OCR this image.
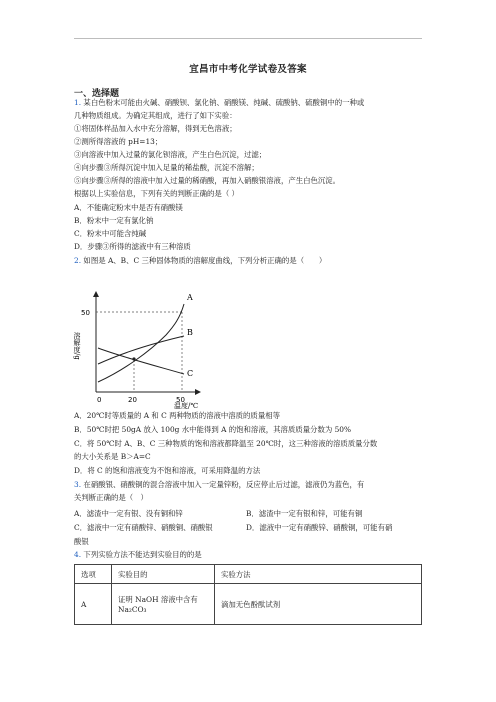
宜昌市中考化学试卷及答案
一、选择题
1. 某白色粉末可能由火碱、硝酸钡、氯化钠、硝酸镁、纯碱、硫酸钠、硫酸铜中的一种或
几种物质组成。为确定其组成，进行了如下实验：
①将固体样品加入水中充分溶解，得到无色溶液；
②测所得溶液的 pH=13；
③向溶液中加入过量的氯化钡溶液，产生白色沉淀，过滤；
④向步骤③所得沉淀中加入足量的稀盐酸，沉淀不溶解；
⑤向步骤③所得的溶液中加入过量的稀硝酸，再加入硝酸银溶液，产生白色沉淀。
根据以上实验信息，下列有关的判断正确的是（ ）
A．不能确定粉末中是否有硝酸镁
B．粉末中一定有氯化钠
C．粉末中可能含纯碱
D．步骤③所得的滤液中有三种溶质
2. 如图是 A、B、C 三种固体物质的溶解度曲线，下列分析正确的是（　　）
A
B
C
50
0	20	50
溶解度/g
温度/℃
A．20℃时等质量的 A 和 C 两种物质的溶液中溶质的质量相等
B．50℃时把 50gA 放入 100g 水中能得到 A 的饱和溶液，其溶质质量分数为 50%
C．将 50℃时 A、B、C 三种物质的饱和溶液都降温至 20℃时，这三种溶液的溶质质量分数
的大小关系是 B＞A=C
D．将 C 的饱和溶液变为不饱和溶液，可采用降温的方法
3. 在硝酸银、硝酸铜的混合溶液中加入一定量锌粉，反应停止后过滤，滤液仍为蓝色，有
关判断正确的是（　）
A．滤渣中一定有银、没有铜和锌	B．滤渣中一定有银和锌，可能有铜
C．滤液中一定有硝酸锌、硝酸铜、硝酸银	D．滤液中一定有硝酸锌、硝酸铜，可能有硝
酸银
4. 下列实验方法不能达到实验目的的是
选项	实验目的	实验方法
A	证明 NaOH 溶液中含有
Na₂CO₃	滴加无色酚酞试剂
